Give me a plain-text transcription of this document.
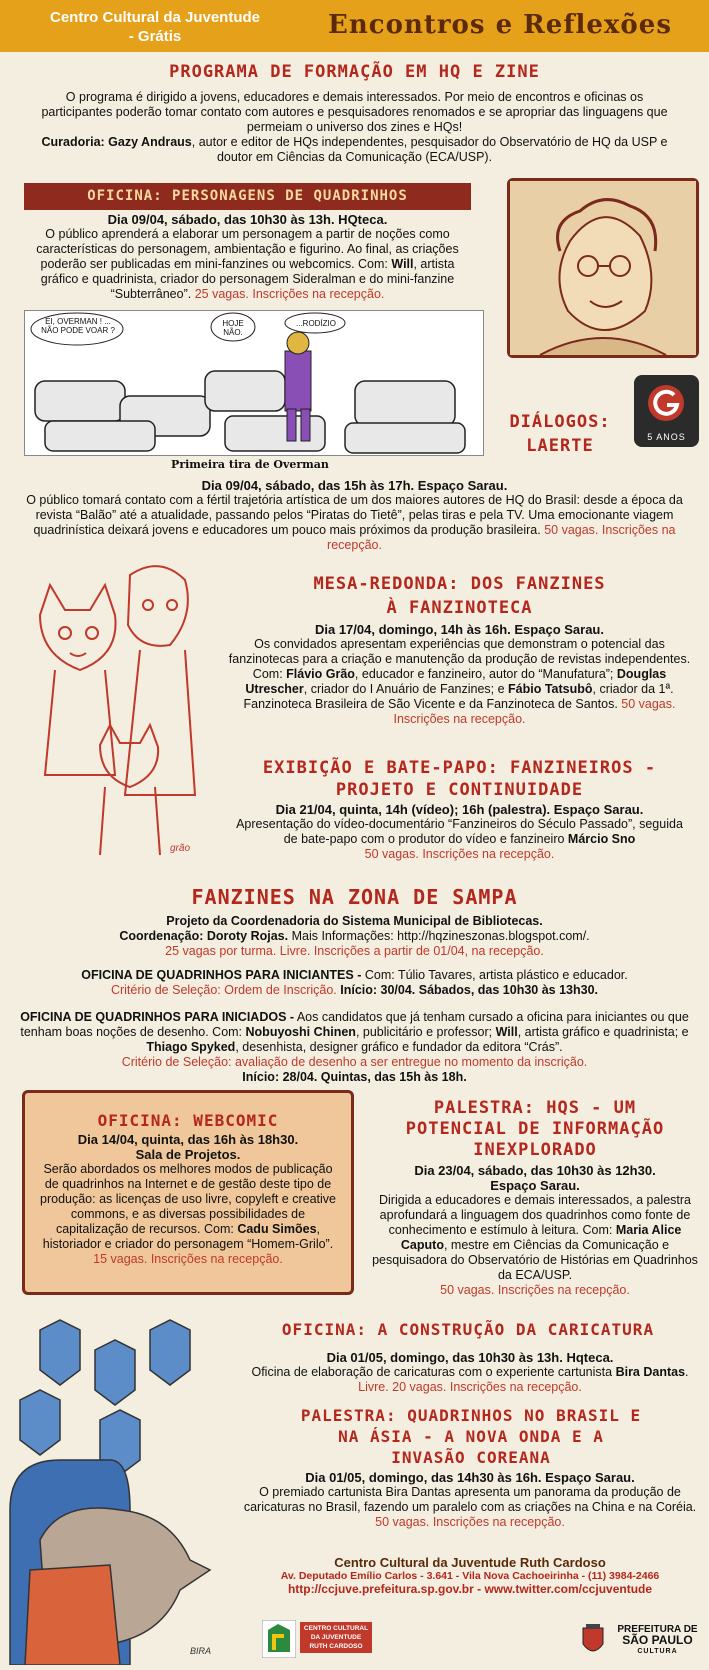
Centro Cultural da Juventude
- Grátis	Encontros e Reflexões
PROGRAMA DE FORMAÇÃO EM HQ E ZINE
O programa é dirigido a jovens, educadores e demais interessados. Por meio de encontros e oficinas os participantes poderão tomar contato com autores e pesquisadores renomados e se apropriar das linguagens que permeiam o universo dos zines e HQs!
Curadoria: Gazy Andraus, autor e editor de HQs independentes, pesquisador do Observatório de HQ da USP e doutor em Ciências da Comunicação (ECA/USP).
OFICINA: PERSONAGENS DE QUADRINHOS
Dia 09/04, sábado, das 10h30 às 13h. HQteca.
O público aprenderá a elaborar um personagem a partir de noções como características do personagem, ambientação e figurino. Ao final, as criações poderão ser publicadas em mini-fanzines ou webcomics. Com: Will, artista gráfico e quadrinista, criador do personagem Sideralman e do mini-fanzine “Subterrâneo”. 25 vagas. Inscrições na recepção.
EI, OVERMAN ! ... NÃO PODE VOAR ?
HOJE NÃO.
...RODÍZIO
Primeira tira de Overman
DIÁLOGOS:
LAERTE	5 ANOS
Dia 09/04, sábado, das 15h às 17h. Espaço Sarau.
O público tomará contato com a fértil trajetória artística de um dos maiores autores de HQ do Brasil: desde a época da revista “Balão” até a atualidade, passando pelos “Piratas do Tietê”, pelas tiras e pela TV. Uma emocionante viagem quadrinística deixará jovens e educadores um pouco mais próximos da produção brasileira. 50 vagas. Inscrições na recepção.
grão
MESA-REDONDA: DOS FANZINES
À FANZINOTECA
Dia 17/04, domingo, 14h às 16h. Espaço Sarau.
Os convidados apresentam experiências que demonstram o potencial das fanzinotecas para a criação e manutenção da produção de revistas independentes. Com: Flávio Grão, educador e fanzineiro, autor do “Manufatura”; Douglas Utrescher, criador do I Anuário de Fanzines; e Fábio Tatsubô, criador da 1ª. Fanzinoteca Brasileira de São Vicente e da Fanzinoteca de Santos. 50 vagas. Inscrições na recepção.
EXIBIÇÃO E BATE-PAPO: FANZINEIROS -
PROJETO E CONTINUIDADE
Dia 21/04, quinta, 14h (vídeo); 16h (palestra). Espaço Sarau.
Apresentação do vídeo-documentário “Fanzineiros do Século Passado”, seguida de bate-papo com o produtor do vídeo e fanzineiro Márcio Sno
50 vagas. Inscrições na recepção.
FANZINES NA ZONA DE SAMPA
Projeto da Coordenadoria do Sistema Municipal de Bibliotecas.
Coordenação: Doroty Rojas. Mais Informações: http://hqzineszonas.blogspot.com/.
25 vagas por turma. Livre. Inscrições a partir de 01/04, na recepção.
OFICINA DE QUADRINHOS PARA INICIANTES - Com: Túlio Tavares, artista plástico e educador.
Critério de Seleção: Ordem de Inscrição. Início: 30/04. Sábados, das 10h30 às 13h30.
OFICINA DE QUADRINHOS PARA INICIADOS - Aos candidatos que já tenham cursado a oficina para iniciantes ou que tenham boas noções de desenho. Com: Nobuyoshi Chinen, publicitário e professor; Will, artista gráfico e quadrinista; e Thiago Spyked, desenhista, designer gráfico e fundador da editora “Crás”.
Critério de Seleção: avaliação de desenho a ser entregue no momento da inscrição.
Início: 28/04. Quintas, das 15h às 18h.
OFICINA: WEBCOMIC
Dia 14/04, quinta, das 16h às 18h30.
Sala de Projetos.
Serão abordados os melhores modos de publicação de quadrinhos na Internet e de gestão deste tipo de produção: as licenças de uso livre, copyleft e creative commons, e as diversas possibilidades de capitalização de recursos. Com: Cadu Simões, historiador e criador do personagem “Homem-Grilo”.
15 vagas. Inscrições na recepção.
PALESTRA: HQS - UM
POTENCIAL DE INFORMAÇÃO
INEXPLORADO
Dia 23/04, sábado, das 10h30 às 12h30.
Espaço Sarau.
Dirigida a educadores e demais interessados, a palestra aprofundará a linguagem dos quadrinhos como fonte de conhecimento e estímulo à leitura. Com: Maria Alice Caputo, mestre em Ciências da Comunicação e pesquisadora do Observatório de Histórias em Quadrinhos da ECA/USP.
50 vagas. Inscrições na recepção.
BIRA
OFICINA: A CONSTRUÇÃO DA CARICATURA
Dia 01/05, domingo, das 10h30 às 13h. Hqteca.
Oficina de elaboração de caricaturas com o experiente cartunista Bira Dantas. Livre. 20 vagas. Inscrições na recepção.
PALESTRA: QUADRINHOS NO BRASIL E
NA ÁSIA - A NOVA ONDA E A
INVASÃO COREANA
Dia 01/05, domingo, das 14h30 às 16h. Espaço Sarau.
O premiado cartunista Bira Dantas apresenta um panorama da produção de caricaturas no Brasil, fazendo um paralelo com as criações na China e na Coréia. 50 vagas. Inscrições na recepção.
Centro Cultural da Juventude Ruth Cardoso
Av. Deputado Emílio Carlos - 3.641 - Vila Nova Cachoeirinha - (11) 3984-2466
http://ccjuve.prefeitura.sp.gov.br - www.twitter.com/ccjuventude
CENTRO CULTURAL DA JUVENTUDE RUTH CARDOSO
PREFEITURA DE
SÃO PAULO
CULTURA
